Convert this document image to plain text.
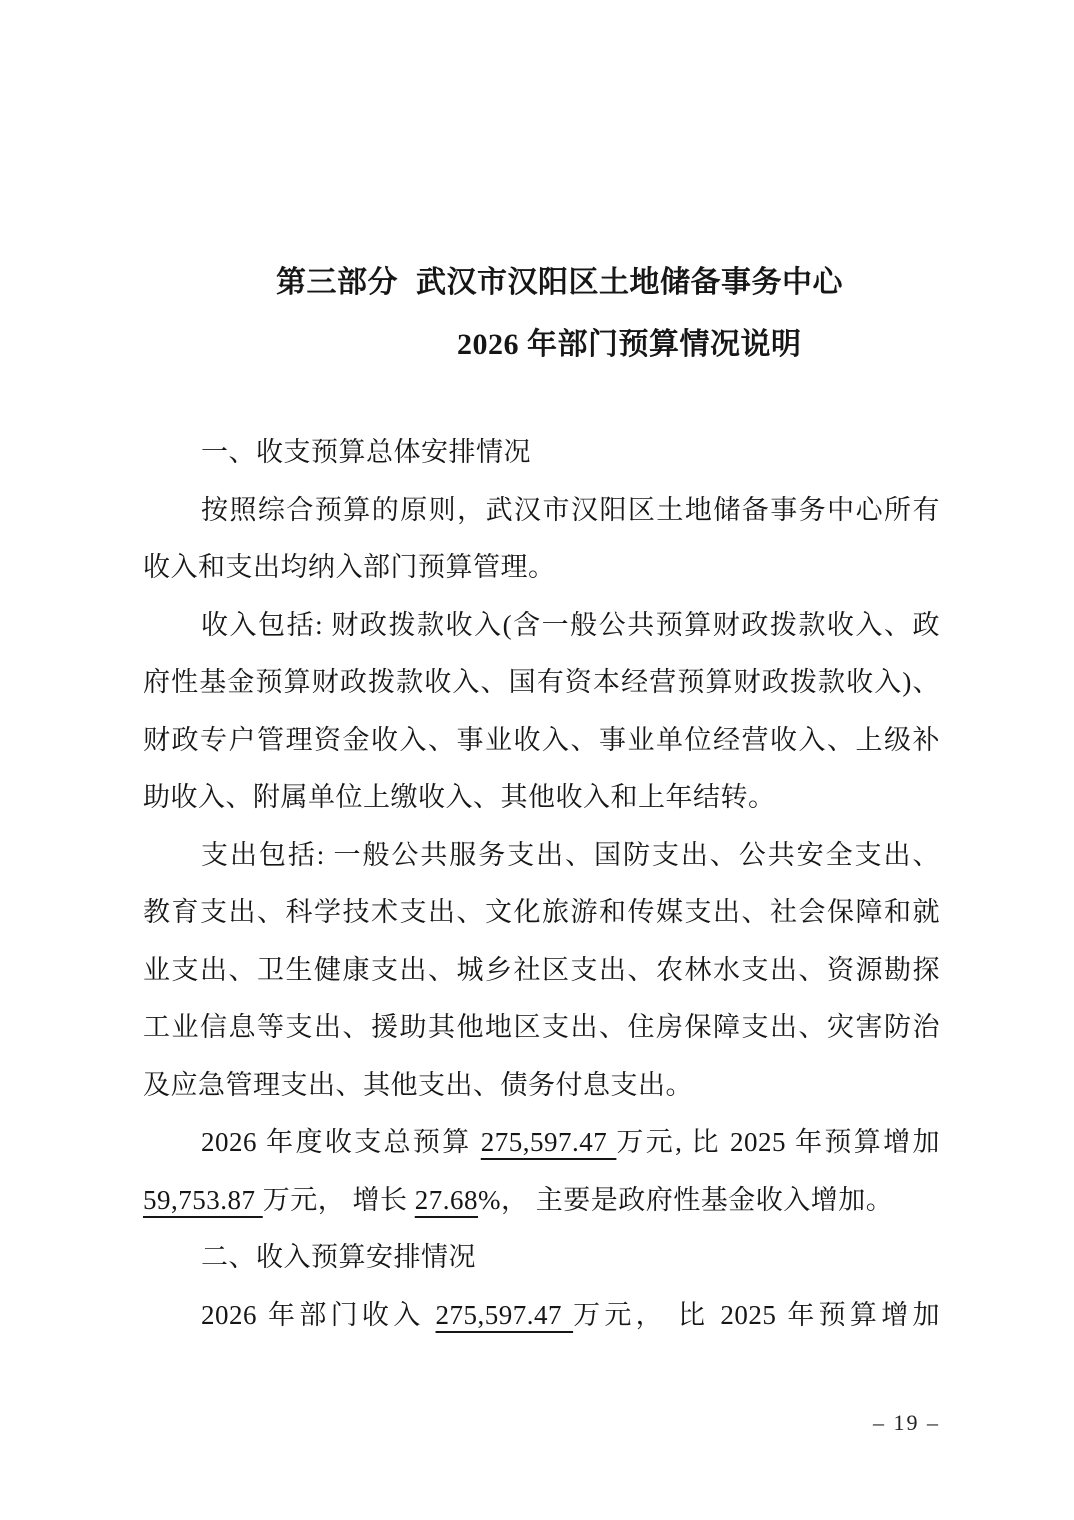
第三部分 武汉市汉阳区土地储备事务中心
2026 年部门预算情况说明
一、收支预算总体安排情况
按照综合预算的原则，武汉市汉阳区土地储备事务中心所有
收入和支出均纳入部门预算管理。
收入包括: 财政拨款收入(含一般公共预算财政拨款收入、政
府性基金预算财政拨款收入、国有资本经营预算财政拨款收入)、
财政专户管理资金收入、事业收入、事业单位经营收入、上级补
助收入、附属单位上缴收入、其他收入和上年结转。
支出包括: 一般公共服务支出、国防支出、公共安全支出、
教育支出、科学技术支出、文化旅游和传媒支出、社会保障和就
业支出、卫生健康支出、城乡社区支出、农林水支出、资源勘探
工业信息等支出、援助其他地区支出、住房保障支出、灾害防治
及应急管理支出、其他支出、债务付息支出。
2026 年度收支总预算 275,597.47 万元, 比 2025 年预算增加
59,753.87 万元， 增长 27.68%， 主要是政府性基金收入增加。
二、收入预算安排情况
2026 年部门收入 275,597.47 万元， 比 2025 年预算增加
– 19 –
